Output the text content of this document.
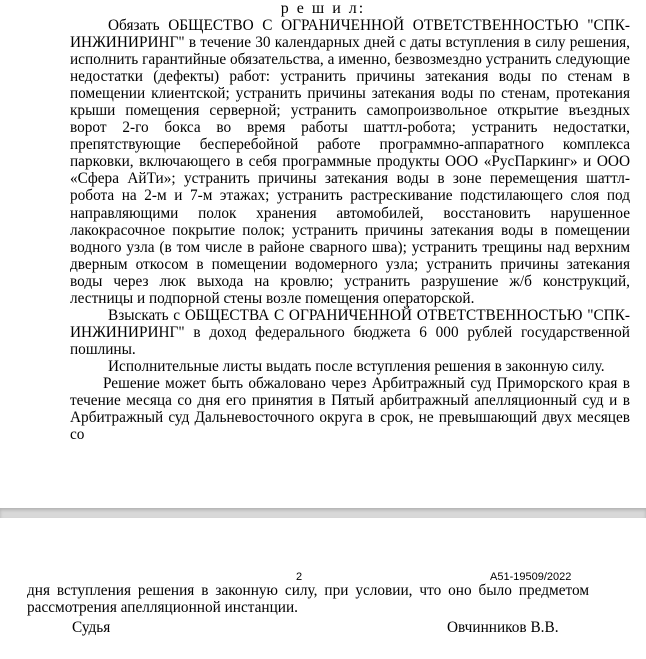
р е ш и л:

Обязать ОБЩЕСТВО С ОГРАНИЧЕННОЙ ОТВЕТСТВЕННОСТЬЮ "СПК-ИНЖИНИРИНГ" в течение 30 календарных дней с даты вступления в силу решения, исполнить гарантийные обязательства, а именно, безвозмездно устранить следующие недостатки (дефекты) работ: устранить причины затекания воды по стенам в помещении клиентской; устранить причины затекания воды по стенам, протекания крыши помещения серверной; устранить самопроизвольное открытие въездных ворот 2-го бокса во время работы шаттл-робота; устранить недостатки, препятствующие бесперебойной работе программно-аппаратного комплекса парковки, включающего в себя программные продукты ООО «РусПаркинг» и ООО «Сфера АйТи»; устранить причины затекания воды в зоне перемещения шаттл-робота на 2-м и 7-м этажах; устранить растрескивание подстилающего слоя под направляющими полок хранения автомобилей, восстановить нарушенное лакокрасочное покрытие полок; устранить причины затекания воды в помещении водного узла (в том числе в районе сварного шва); устранить трещины над верхним дверным откосом в помещении водомерного узла; устранить причины затекания воды через люк выхода на кровлю; устранить разрушение ж/б конструкций, лестницы и подпорной стены возле помещения операторской.

Взыскать с ОБЩЕСТВА С ОГРАНИЧЕННОЙ ОТВЕТСТВЕННОСТЬЮ "СПК-ИНЖИНИРИНГ" в доход федерального бюджета 6 000 рублей государственной пошлины.

Исполнительные листы выдать после вступления решения в законную силу.

Решение может быть обжаловано через Арбитражный суд Приморского края в течение месяца со дня его принятия в Пятый арбитражный апелляционный суд и в Арбитражный суд Дальневосточного округа в срок, не превышающий двух месяцев со

2	А51-19509/2022
дня вступления решения в законную силу, при условии, что оно было предметом рассмотрения апелляционной инстанции.
Судья	Овчинников В.В.
